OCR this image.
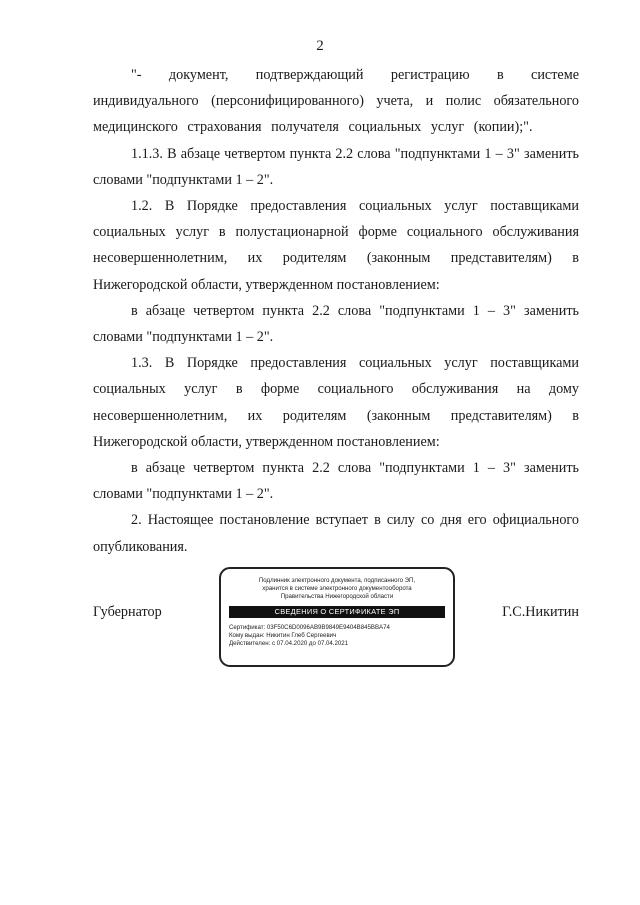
2

"- документ, подтверждающий регистрацию в системе индивидуального (персонифицированного) учета, и полис обязательного медицинского страхования получателя социальных услуг (копии);".

1.1.3. В абзаце четвертом пункта 2.2 слова "подпунктами 1 – 3" заменить словами "подпунктами 1 – 2".

1.2. В Порядке предоставления социальных услуг поставщиками социальных услуг в полустационарной форме социального обслуживания несовершеннолетним, их родителям (законным представителям) в Нижегородской области, утвержденном постановлением:

в абзаце четвертом пункта 2.2 слова "подпунктами 1 – 3" заменить словами "подпунктами 1 – 2".

1.3. В Порядке предоставления социальных услуг поставщиками социальных услуг в форме социального обслуживания на дому несовершеннолетним, их родителям (законным представителям) в Нижегородской области, утвержденном постановлением:

в абзаце четвертом пункта 2.2 слова "подпунктами 1 – 3" заменить словами "подпунктами 1 – 2".

2. Настоящее постановление вступает в силу со дня его официального опубликования.

Губернатор
Подлинник электронного документа, подписанного ЭП,
хранится в системе электронного документооборота
Правительства Нижегородской области
СВЕДЕНИЯ О СЕРТИФИКАТЕ ЭП
Сертификат: 03F50C6D0096AB9B9849E9404B845BBA74
Кому выдан: Никитин Глеб Сергеевич
Действителен: с 07.04.2020 до 07.04.2021
Г.С.Никитин
